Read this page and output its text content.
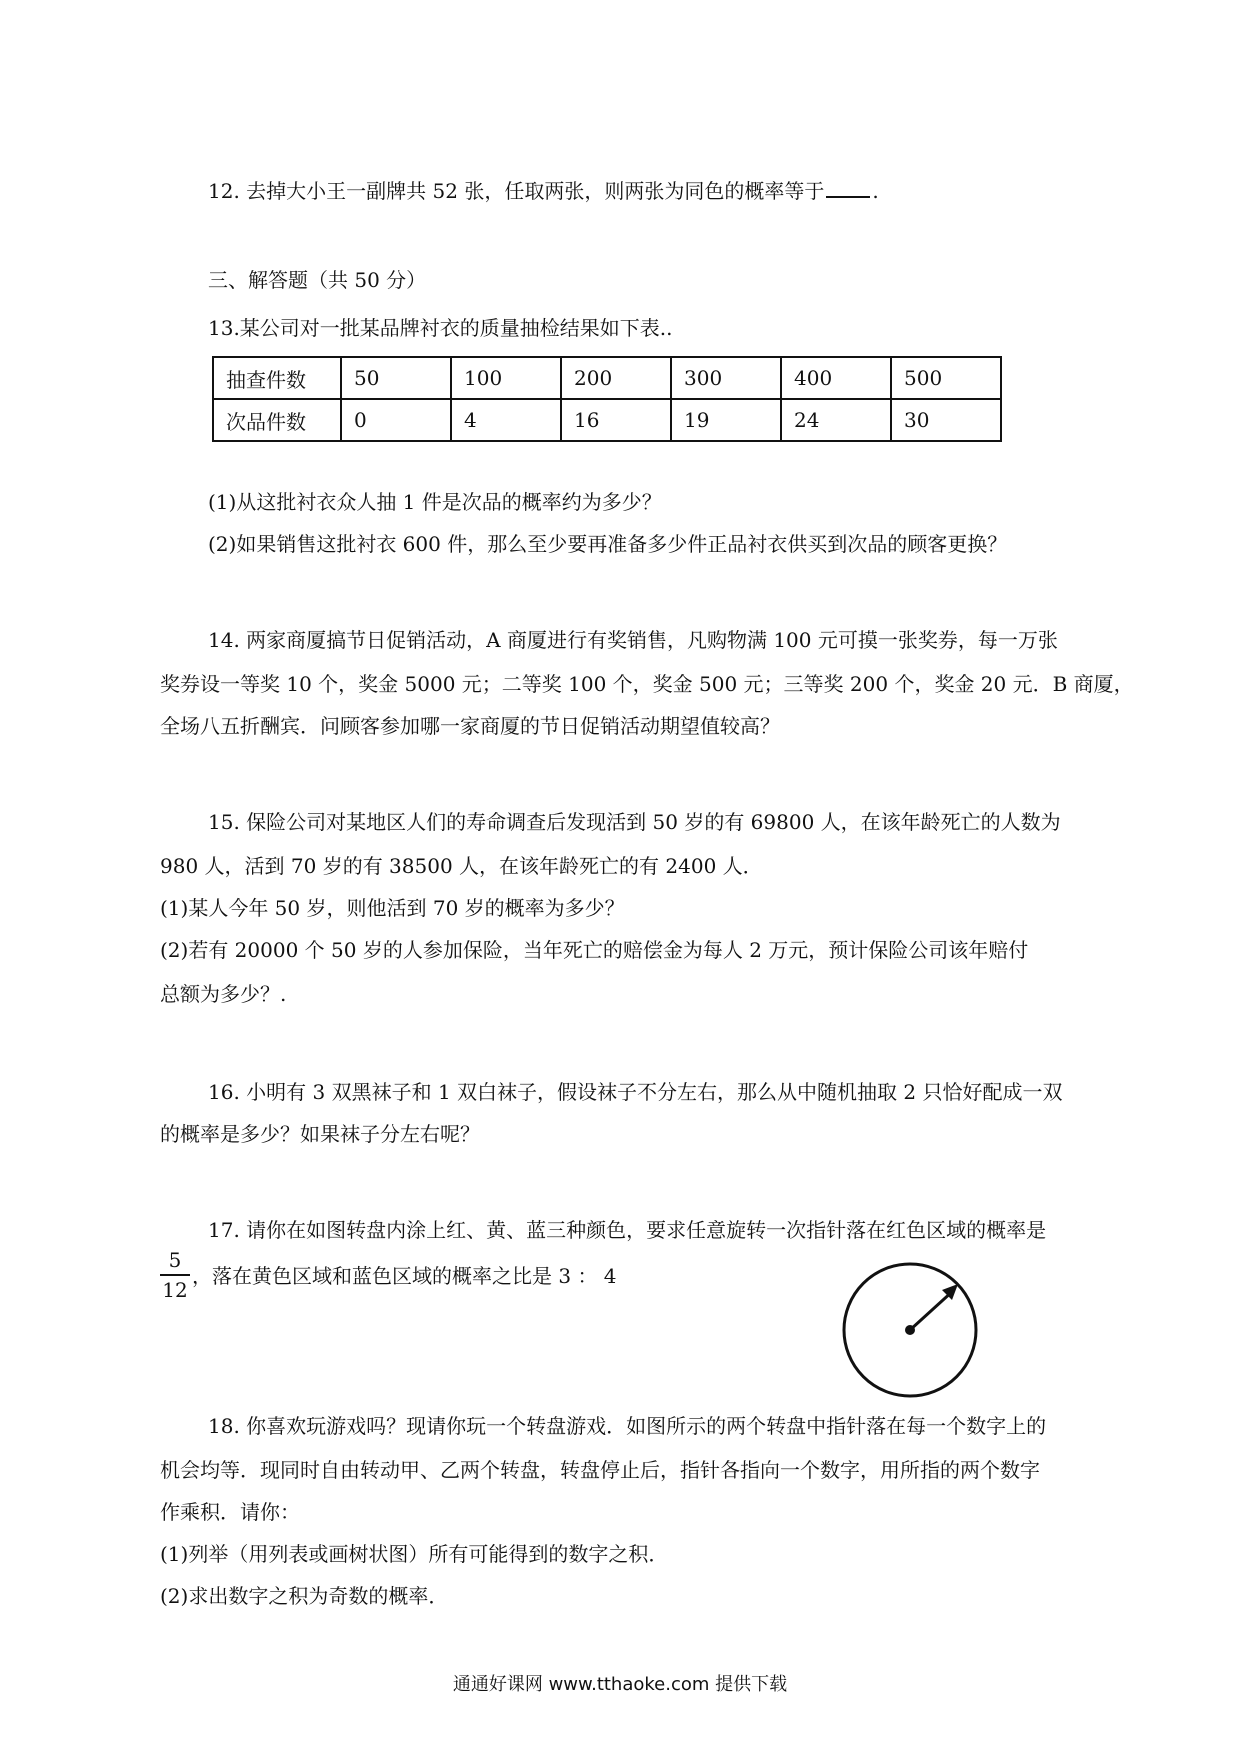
12. 去掉大小王一副牌共 52 张，任取两张，则两张为同色的概率等于 .
三、解答题（共 50 分）
13.某公司对一批某品牌衬衣的质量抽检结果如下表..
抽查件数	50	100	200	300	400	500
次品件数	0	4	16	19	24	30
(1)从这批衬衣众人抽 1 件是次品的概率约为多少？
(2)如果销售这批衬衣 600 件，那么至少要再准备多少件正品衬衣供买到次品的顾客更换？
14. 两家商厦搞节日促销活动，A 商厦进行有奖销售，凡购物满 100 元可摸一张奖券，每一万张
奖券设一等奖 10 个，奖金 5000 元；二等奖 100 个，奖金 500 元；三等奖 200 个，奖金 20 元．B 商厦，
全场八五折酬宾．问顾客参加哪一家商厦的节日促销活动期望值较高？
15. 保险公司对某地区人们的寿命调查后发现活到 50 岁的有 69800 人，在该年龄死亡的人数为
980 人，活到 70 岁的有 38500 人，在该年龄死亡的有 2400 人．
(1)某人今年 50 岁，则他活到 70 岁的概率为多少？
(2)若有 20000 个 50 岁的人参加保险，当年死亡的赔偿金为每人 2 万元，预计保险公司该年赔付
总额为多少？.
16. 小明有 3 双黑袜子和 1 双白袜子，假设袜子不分左右，那么从中随机抽取 2 只恰好配成一双
的概率是多少？如果袜子分左右呢？
17. 请你在如图转盘内涂上红、黄、蓝三种颜色，要求任意旋转一次指针落在红色区域的概率是
$\frac{5}{12}$ ，落在黄色区域和蓝色区域的概率之比是 3 ： 4
18. 你喜欢玩游戏吗？现请你玩一个转盘游戏．如图所示的两个转盘中指针落在每一个数字上的
机会均等．现同时自由转动甲、乙两个转盘，转盘停止后，指针各指向一个数字，用所指的两个数字
作乘积．请你：
(1)列举（用列表或画树状图）所有可能得到的数字之积．
(2)求出数字之积为奇数的概率．
通通好课网 www.tthaoke.com 提供下载
